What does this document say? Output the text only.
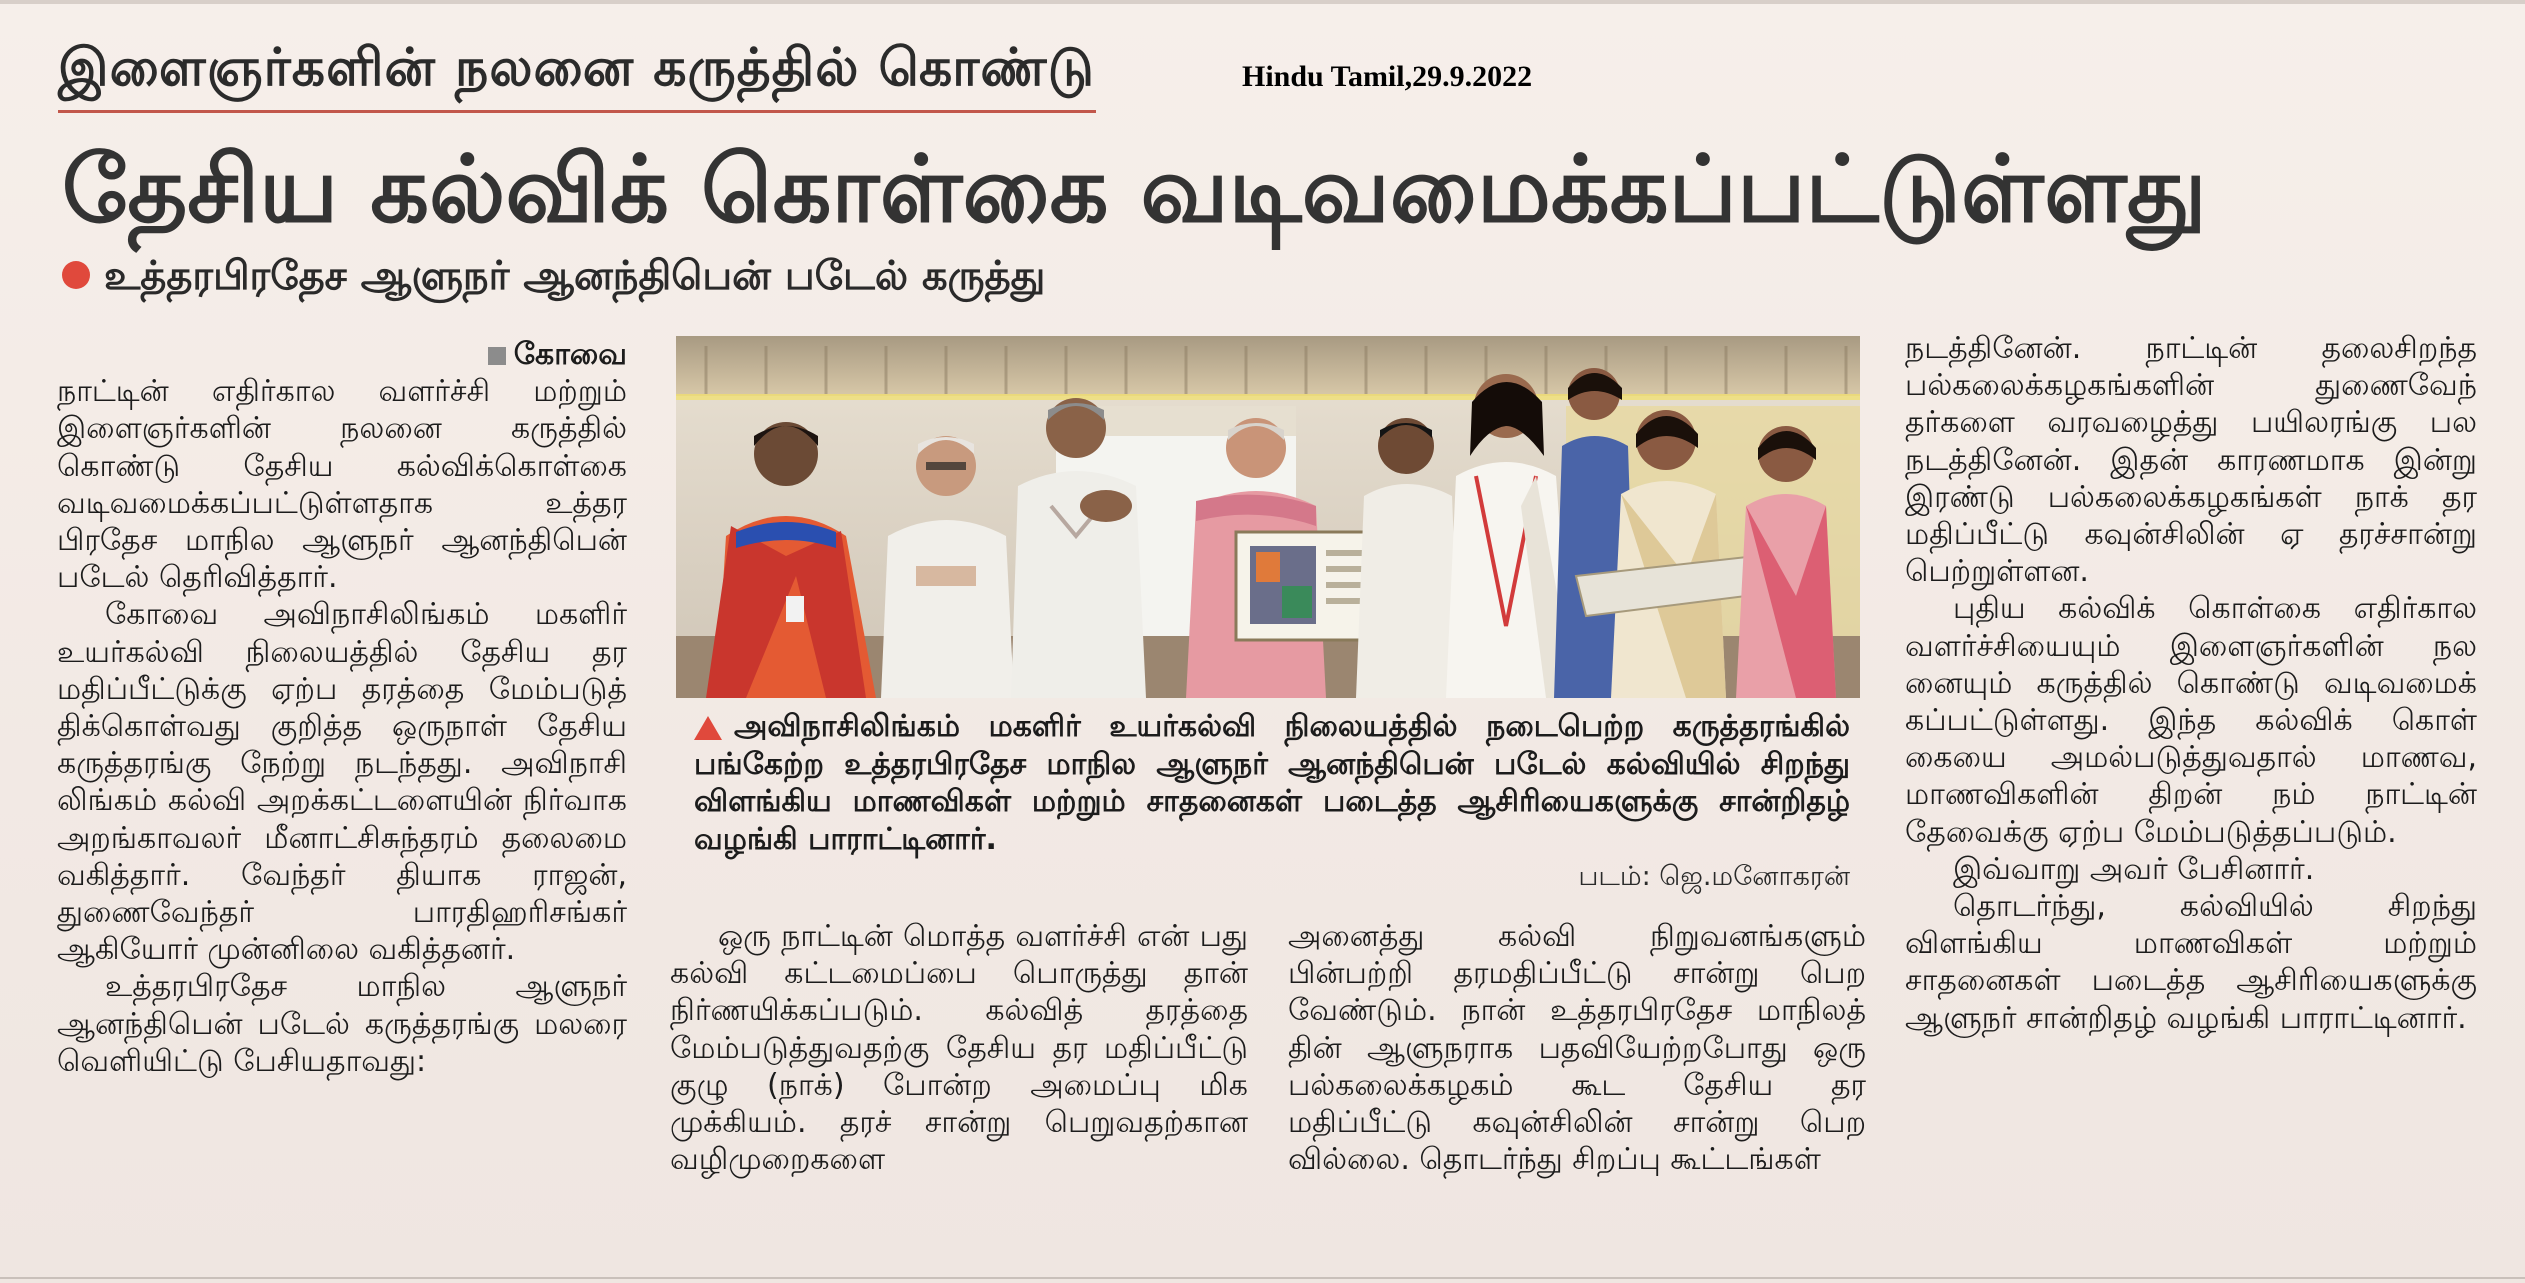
இளைஞர்களின் நலனை கருத்தில் கொண்டு	Hindu Tamil,29.9.2022
தேசிய கல்விக் கொள்கை வடிவமைக்கப்பட்டுள்ளது
உத்தரபிரதேச ஆளுநர் ஆனந்திபென் படேல் கருத்து

கோவை

நாட்டின் எதிர்கால வளர்ச்சி மற்றும் இளைஞர்களின் நலனை கருத்தில் கொண்டு தேசிய கல்விக்கொள்கை வடிவமைக்கப்பட்டுள்ளதாக உத்தர பிரதேச மாநில ஆளுநர் ஆனந்திபென் படேல் தெரிவித்தார்.

கோவை அவிநாசிலிங்கம் மகளிர் உயர்கல்வி நிலையத்தில் தேசிய தர மதிப்பீட்டுக்கு ஏற்ப தரத்தை மேம்படுத் திக்கொள்வது குறித்த ஒருநாள் தேசிய கருத்தரங்கு நேற்று நடந்தது. அவிநாசி லிங்கம் கல்வி அறக்கட்டளையின் நிர்வாக அறங்காவலர் மீனாட்சிசுந்தரம் தலைமை வகித்தார். வேந்தர் தியாக ராஜன், துணைவேந்தர் பாரதிஹரிசங்கர் ஆகியோர் முன்னிலை வகித்தனர்.

உத்தரபிரதேச மாநில ஆளுநர் ஆனந்திபென் படேல் கருத்தரங்கு மலரை வெளியிட்டு பேசியதாவது:

அவிநாசிலிங்கம் மகளிர் உயர்கல்வி நிலையத்தில் நடைபெற்ற கருத்தரங்கில் பங்கேற்ற உத்தரபிரதேச மாநில ஆளுநர் ஆனந்திபென் படேல் கல்வியில் சிறந்து விளங்கிய மாணவிகள் மற்றும் சாதனைகள் படைத்த ஆசிரியைகளுக்கு சான்றிதழ் வழங்கி பாராட்டினார்.
படம்: ஜெ.மனோகரன்

ஒரு நாட்டின் மொத்த வளர்ச்சி என் பது கல்வி கட்டமைப்பை பொருத்து தான் நிர்ணயிக்கப்படும். கல்வித் தரத்தை மேம்படுத்துவதற்கு தேசிய தர மதிப்பீட்டு குழு (நாக்) போன்ற அமைப்பு மிக முக்கியம். தரச் சான்று பெறுவதற்கான வழிமுறைகளை

அனைத்து கல்வி நிறுவனங்களும் பின்பற்றி தரமதிப்பீட்டு சான்று பெற வேண்டும். நான் உத்தரபிரதேச மாநிலத் தின் ஆளுநராக பதவியேற்றபோது ஒரு பல்கலைக்கழகம் கூட தேசிய தர மதிப்பீட்டு கவுன்சிலின் சான்று பெற வில்லை. தொடர்ந்து சிறப்பு கூட்டங்கள்

நடத்தினேன். நாட்டின் தலைசிறந்த பல்கலைக்கழகங்களின் துணைவேந் தர்களை வரவழைத்து பயிலரங்கு பல நடத்தினேன். இதன் காரணமாக இன்று இரண்டு பல்கலைக்கழகங்கள் நாக் தர மதிப்பீட்டு கவுன்சிலின் ஏ தரச்சான்று பெற்றுள்ளன.

புதிய கல்விக் கொள்கை எதிர்கால வளர்ச்சியையும் இளைஞர்களின் நல னையும் கருத்தில் கொண்டு வடிவமைக் கப்பட்டுள்ளது. இந்த கல்விக் கொள் கையை அமல்படுத்துவதால் மாணவ, மாணவிகளின் திறன் நம் நாட்டின் தேவைக்கு ஏற்ப மேம்படுத்தப்படும்.

இவ்வாறு அவர் பேசினார்.

தொடர்ந்து, கல்வியில் சிறந்து விளங்கிய மாணவிகள் மற்றும் சாதனைகள் படைத்த ஆசிரியைகளுக்கு ஆளுநர் சான்றிதழ் வழங்கி பாராட்டினார்.
